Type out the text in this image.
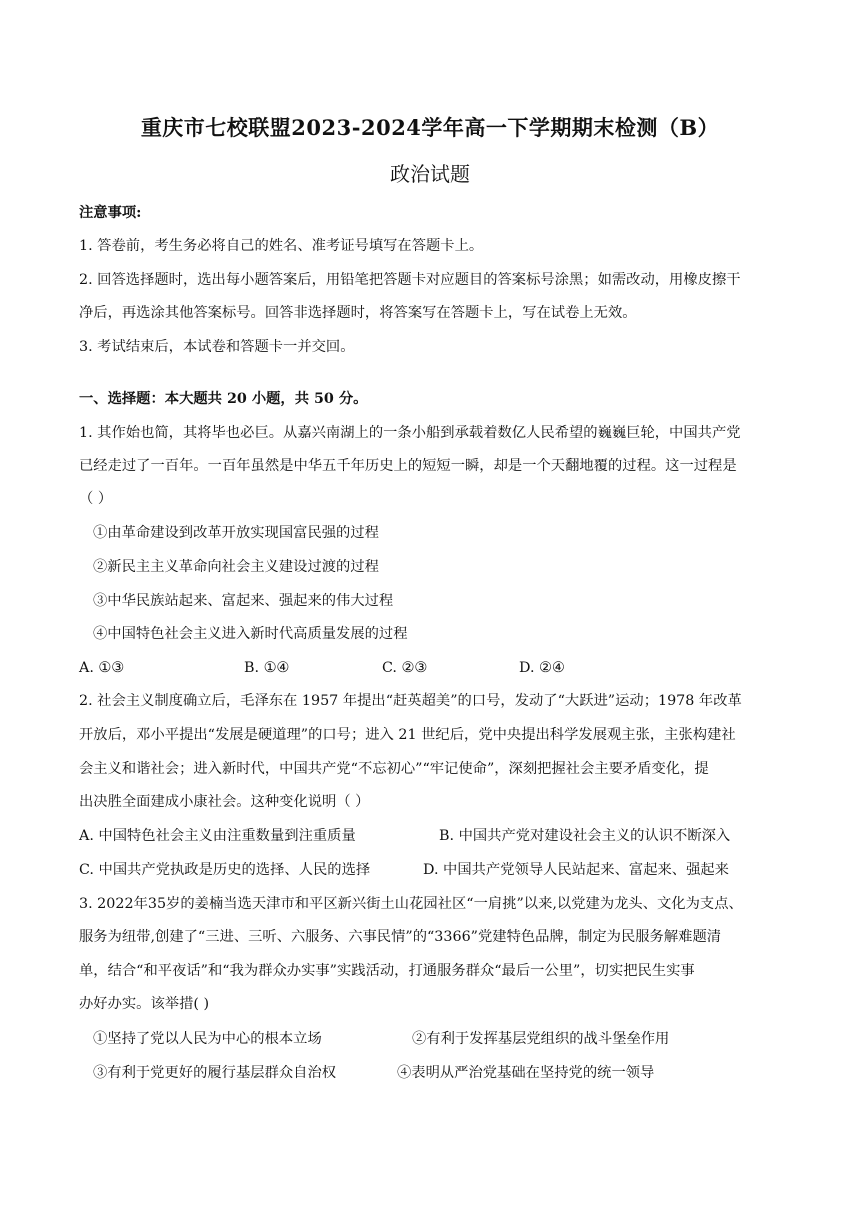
重庆市七校联盟2023-2024学年高一下学期期末检测（B）
政治试题
注意事项:
1. 答卷前，考生务必将自己的姓名、准考证号填写在答题卡上。
2. 回答选择题时，选出每小题答案后，用铅笔把答题卡对应题目的答案标号涂黑；如需改动，用橡皮擦干
净后，再选涂其他答案标号。回答非选择题时，将答案写在答题卡上，写在试卷上无效。
3. 考试结束后，本试卷和答题卡一并交回。
一、选择题：本大题共 20 小题，共 50 分。
1. 其作始也简，其将毕也必巨。从嘉兴南湖上的一条小船到承载着数亿人民希望的巍巍巨轮，中国共产党
已经走过了一百年。一百年虽然是中华五千年历史上的短短一瞬，却是一个天翻地覆的过程。这一过程是
（ ）
①由革命建设到改革开放实现国富民强的过程
②新民主主义革命向社会主义建设过渡的过程
③中华民族站起来、富起来、强起来的伟大过程
④中国特色社会主义进入新时代高质量发展的过程
A. ①③	B. ①④	C. ②③	D. ②④
2. 社会主义制度确立后，毛泽东在 1957 年提出“赶英超美”的口号，发动了“大跃进”运动；1978 年改革
开放后，邓小平提出“发展是硬道理”的口号；进入 21 世纪后，党中央提出科学发展观主张，主张构建社
会主义和谐社会；进入新时代，中国共产党“不忘初心”“牢记使命”，深刻把握社会主要矛盾变化，提
出决胜全面建成小康社会。这种变化说明（ ）
A. 中国特色社会主义由注重数量到注重质量	B. 中国共产党对建设社会主义的认识不断深入
C. 中国共产党执政是历史的选择、人民的选择	D. 中国共产党领导人民站起来、富起来、强起来
3. 2022年35岁的姜楠当选天津市和平区新兴街土山花园社区“一肩挑”以来,以党建为龙头、文化为支点、
服务为纽带,创建了“三进、三听、六服务、六事民情”的“3366”党建特色品牌，制定为民服务解难题清
单，结合“和平夜话”和“我为群众办实事”实践活动，打通服务群众“最后一公里”，切实把民生实事
办好办实。该举措( )
①坚持了党以人民为中心的根本立场	②有利于发挥基层党组织的战斗堡垒作用
③有利于党更好的履行基层群众自治权	④表明从严治党基础在坚持党的统一领导
